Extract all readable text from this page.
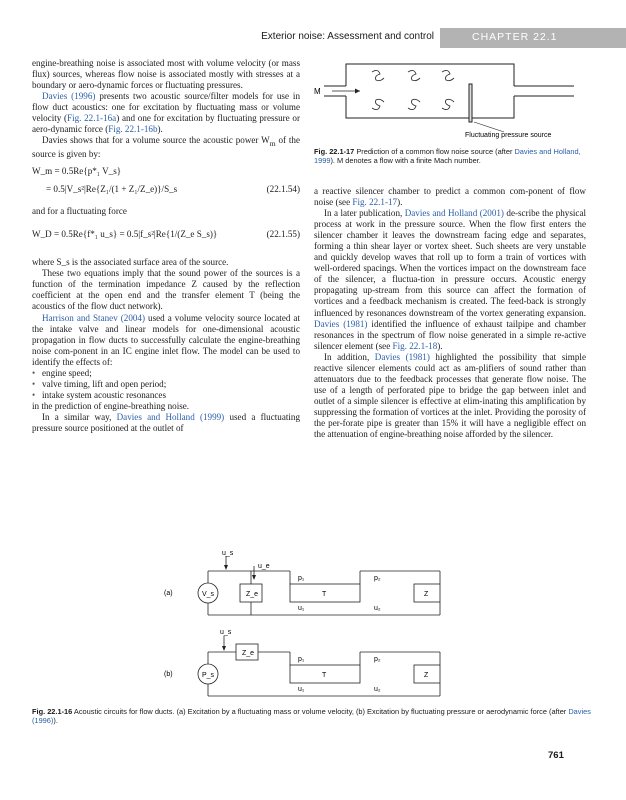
Exterior noise: Assessment and control	CHAPTER 22.1

engine-breathing noise is associated most with volume velocity (or mass flux) sources, whereas flow noise is associated mostly with stresses at a boundary or aero-dynamic forces or fluctuating pressures.

Davies (1996) presents two acoustic source/filter models for use in flow duct acoustics: one for excitation by fluctuating mass or volume velocity (Fig. 22.1-16a) and one for excitation by fluctuating pressure or aero-dynamic force (Fig. 22.1-16b).

Davies shows that for a volume source the acoustic power $W_m$ of the source is given by:

W_m = 0.5Re{p*₁ V_s}
= 0.5|V_s²|Re{Z₁/(1 + Z₁/Z_e)}/S_s	(22.1.54)

and for a fluctuating force

W_D = 0.5Re{f*₁ u_s} = 0.5|f_s²|Re{1/(Z_e S_s)}	(22.1.55)

where S_s is the associated surface area of the source.

These two equations imply that the sound power of the sources is a function of the termination impedance Z caused by the reflection coefficient at the open end and the transfer element T (being the acoustics of the flow duct network).

Harrison and Stanev (2004) used a volume velocity source located at the intake valve and linear models for one-dimensional acoustic propagation in flow ducts to successfully calculate the engine-breathing noise com-ponent in an IC engine inlet flow. The model can be used to identify the effects of:

• engine speed;
• valve timing, lift and open period;
• intake system acoustic resonances

in the prediction of engine-breathing noise.

In a similar way, Davies and Holland (1999) used a fluctuating pressure source positioned at the outlet of

M
Fluctuating pressure source
Fig. 22.1-17 Prediction of a common flow noise source (after Davies and Holland, 1999). M denotes a flow with a finite Mach number.

a reactive silencer chamber to predict a common com-ponent of flow noise (see Fig. 22.1-17).

In a later publication, Davies and Holland (2001) de-scribe the physical process at work in the pressure source. When the flow first enters the silencer chamber it leaves the downstream facing edge and separates, forming a thin shear layer or vortex sheet. Such sheets are very unstable and quickly develop waves that roll up to form a train of vortices with well-ordered spacings. When the vortices impact on the downstream face of the silencer, a fluctua-tion in pressure occurs. Acoustic energy propagating up-stream from this source can affect the formation of vortices and a feedback mechanism is created. The feed-back is strongly influenced by resonances downstream of the vortex generating expansion. Davies (1981) identified the influence of exhaust tailpipe and chamber resonances in the spectrum of flow noise generated in a simple re-active silencer element (see Fig. 22.1-18).

In addition, Davies (1981) highlighted the possibility that simple reactive silencer elements could act as am-plifiers of sound rather than attenuators due to the feedback processes that generate flow noise. The use of a length of perforated pipe to bridge the gap between inlet and outlet of a simple silencer is effective at elim-inating this amplification by suppressing the formation of vortices at the inlet. Providing the porosity of the per-forate pipe is greater than 15% it will have a negligible effect on the attenuation of engine-breathing noise afforded by the silencer.

(a)
u_s
u_e
V_s	Z_e
p₁	p₂
u₁	u₂
T	Z
(b)
u_s
Z_e
P_s
p₁	p₂
u₁	u₂
T	Z
Fig. 22.1-16 Acoustic circuits for flow ducts. (a) Excitation by a fluctuating mass or volume velocity, (b) Excitation by fluctuating pressure or aerodynamic force (after Davies (1996)).
761
